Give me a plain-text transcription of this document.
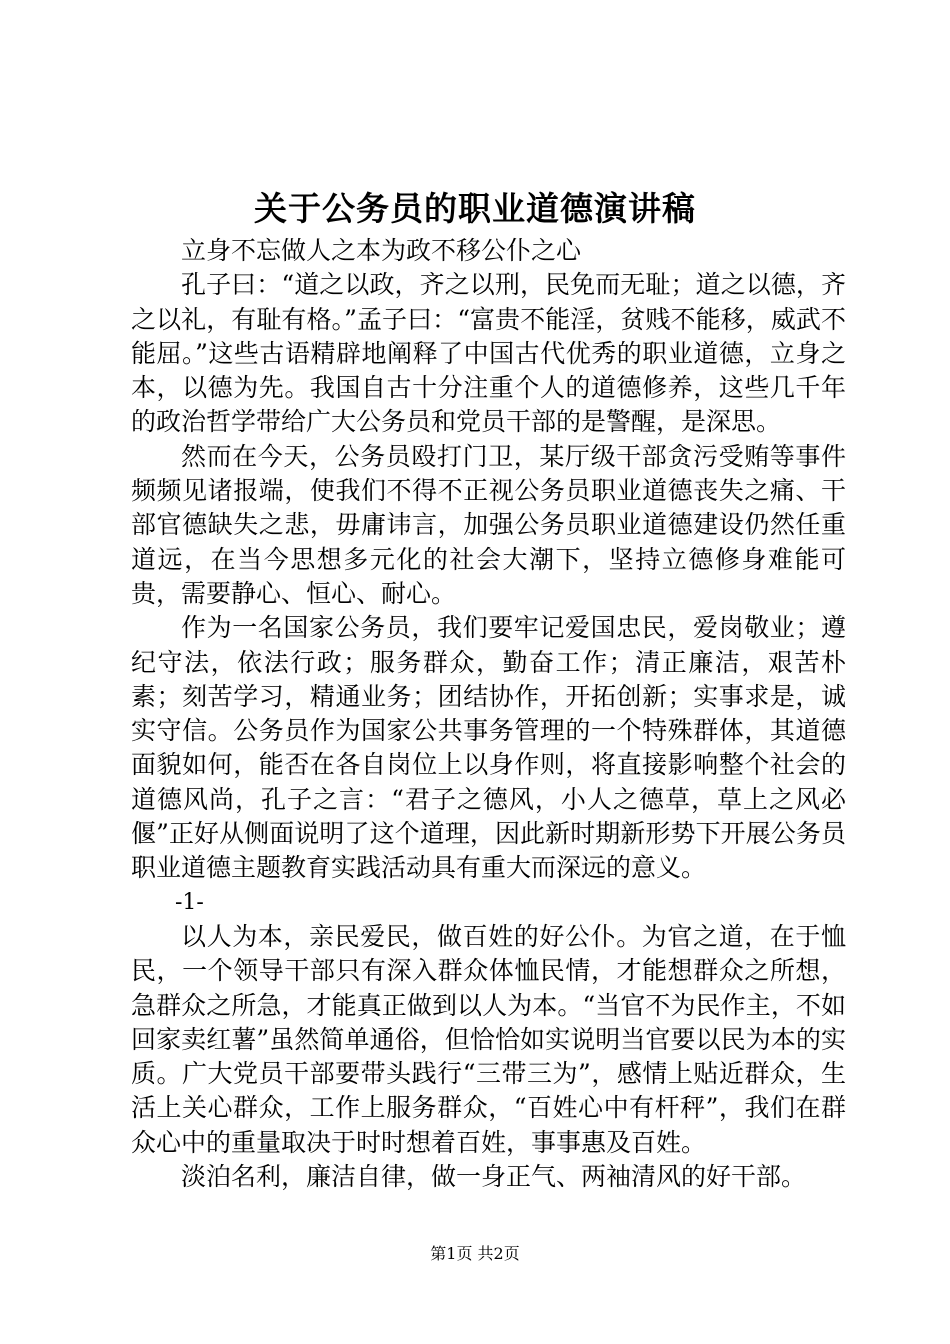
关于公务员的职业道德演讲稿

立身不忘做人之本为政不移公仆之心

孔子曰：“道之以政，齐之以刑，民免而无耻；道之以德，齐之以礼，有耻有格。”孟子曰：“富贵不能淫，贫贱不能移，威武不能屈。”这些古语精辟地阐释了中国古代优秀的职业道德，立身之本，以德为先。我国自古十分注重个人的道德修养，这些几千年的政治哲学带给广大公务员和党员干部的是警醒，是深思。

然而在今天，公务员殴打门卫，某厅级干部贪污受贿等事件频频见诸报端，使我们不得不正视公务员职业道德丧失之痛、干部官德缺失之悲，毋庸讳言，加强公务员职业道德建设仍然任重道远，在当今思想多元化的社会大潮下，坚持立德修身难能可贵，需要静心、恒心、耐心。

作为一名国家公务员，我们要牢记爱国忠民，爱岗敬业；遵纪守法，依法行政；服务群众，勤奋工作；清正廉洁，艰苦朴素；刻苦学习，精通业务；团结协作，开拓创新；实事求是，诚实守信。公务员作为国家公共事务管理的一个特殊群体，其道德面貌如何，能否在各自岗位上以身作则，将直接影响整个社会的道德风尚，孔子之言：“君子之德风，小人之德草，草上之风必偃”正好从侧面说明了这个道理，因此新时期新形势下开展公务员职业道德主题教育实践活动具有重大而深远的意义。

-1-

以人为本，亲民爱民，做百姓的好公仆。为官之道，在于恤民，一个领导干部只有深入群众体恤民情，才能想群众之所想，急群众之所急，才能真正做到以人为本。“当官不为民作主，不如回家卖红薯”虽然简单通俗，但恰恰如实说明当官要以民为本的实质。广大党员干部要带头践行“三带三为”，感情上贴近群众，生活上关心群众，工作上服务群众，“百姓心中有杆秤”，我们在群众心中的重量取决于时时想着百姓，事事惠及百姓。

淡泊名利，廉洁自律，做一身正气、两袖清风的好干部。

第1页 共2页
